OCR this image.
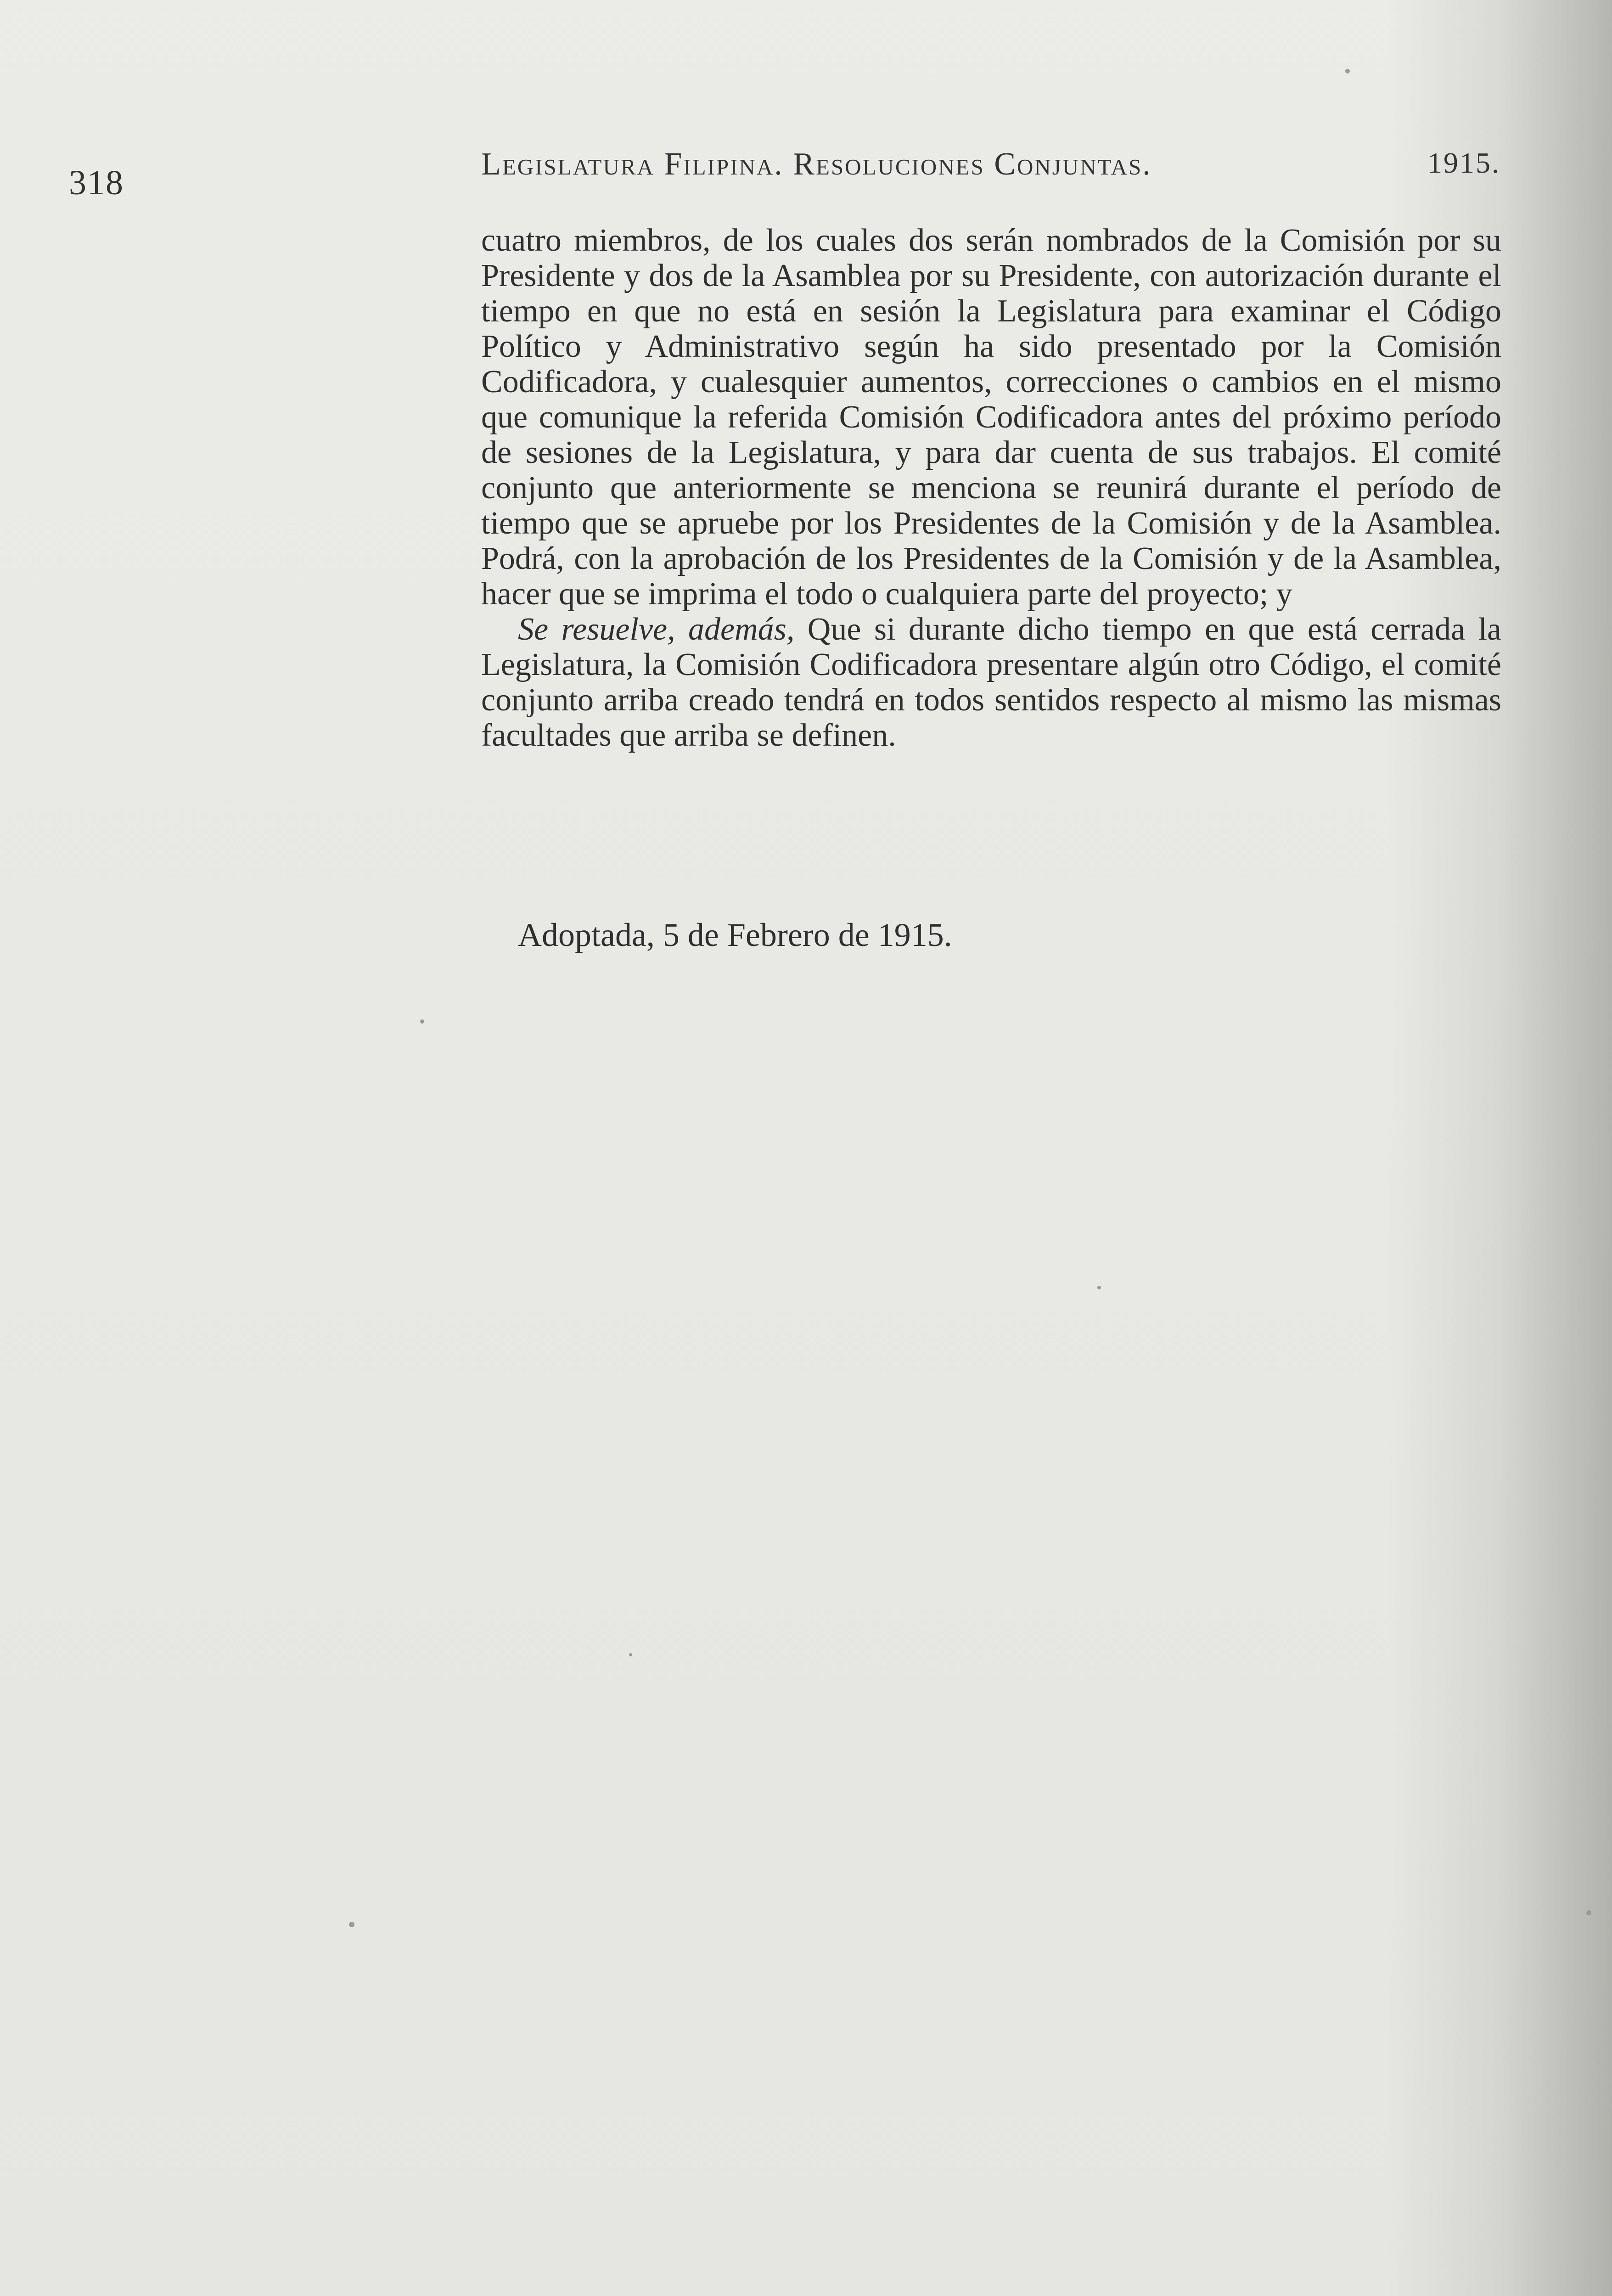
318	Legislatura Filipina. Resoluciones Conjuntas.	1915.

cuatro miembros, de los cuales dos serán nombrados de la Comisión por su Presidente y dos de la Asamblea por su Presidente, con autorización durante el tiempo en que no está en sesión la Legislatura para examinar el Código Político y Administrativo según ha sido presentado por la Comisión Codificadora, y cualesquier aumentos, correcciones o cambios en el mismo que comunique la referida Comisión Codificadora antes del próximo período de sesiones de la Legislatura, y para dar cuenta de sus trabajos. El comité conjunto que anteriormente se menciona se reunirá durante el período de tiempo que se apruebe por los Presidentes de la Comisión y de la Asamblea. Podrá, con la aprobación de los Presidentes de la Comisión y de la Asamblea, hacer que se imprima el todo o cualquiera parte del proyecto; y

Se resuelve, además, Que si durante dicho tiempo en que está cerrada la Legislatura, la Comisión Codificadora presentare algún otro Código, el comité conjunto arriba creado tendrá en todos sentidos respecto al mismo las mismas facultades que arriba se definen.

Adoptada, 5 de Febrero de 1915.
